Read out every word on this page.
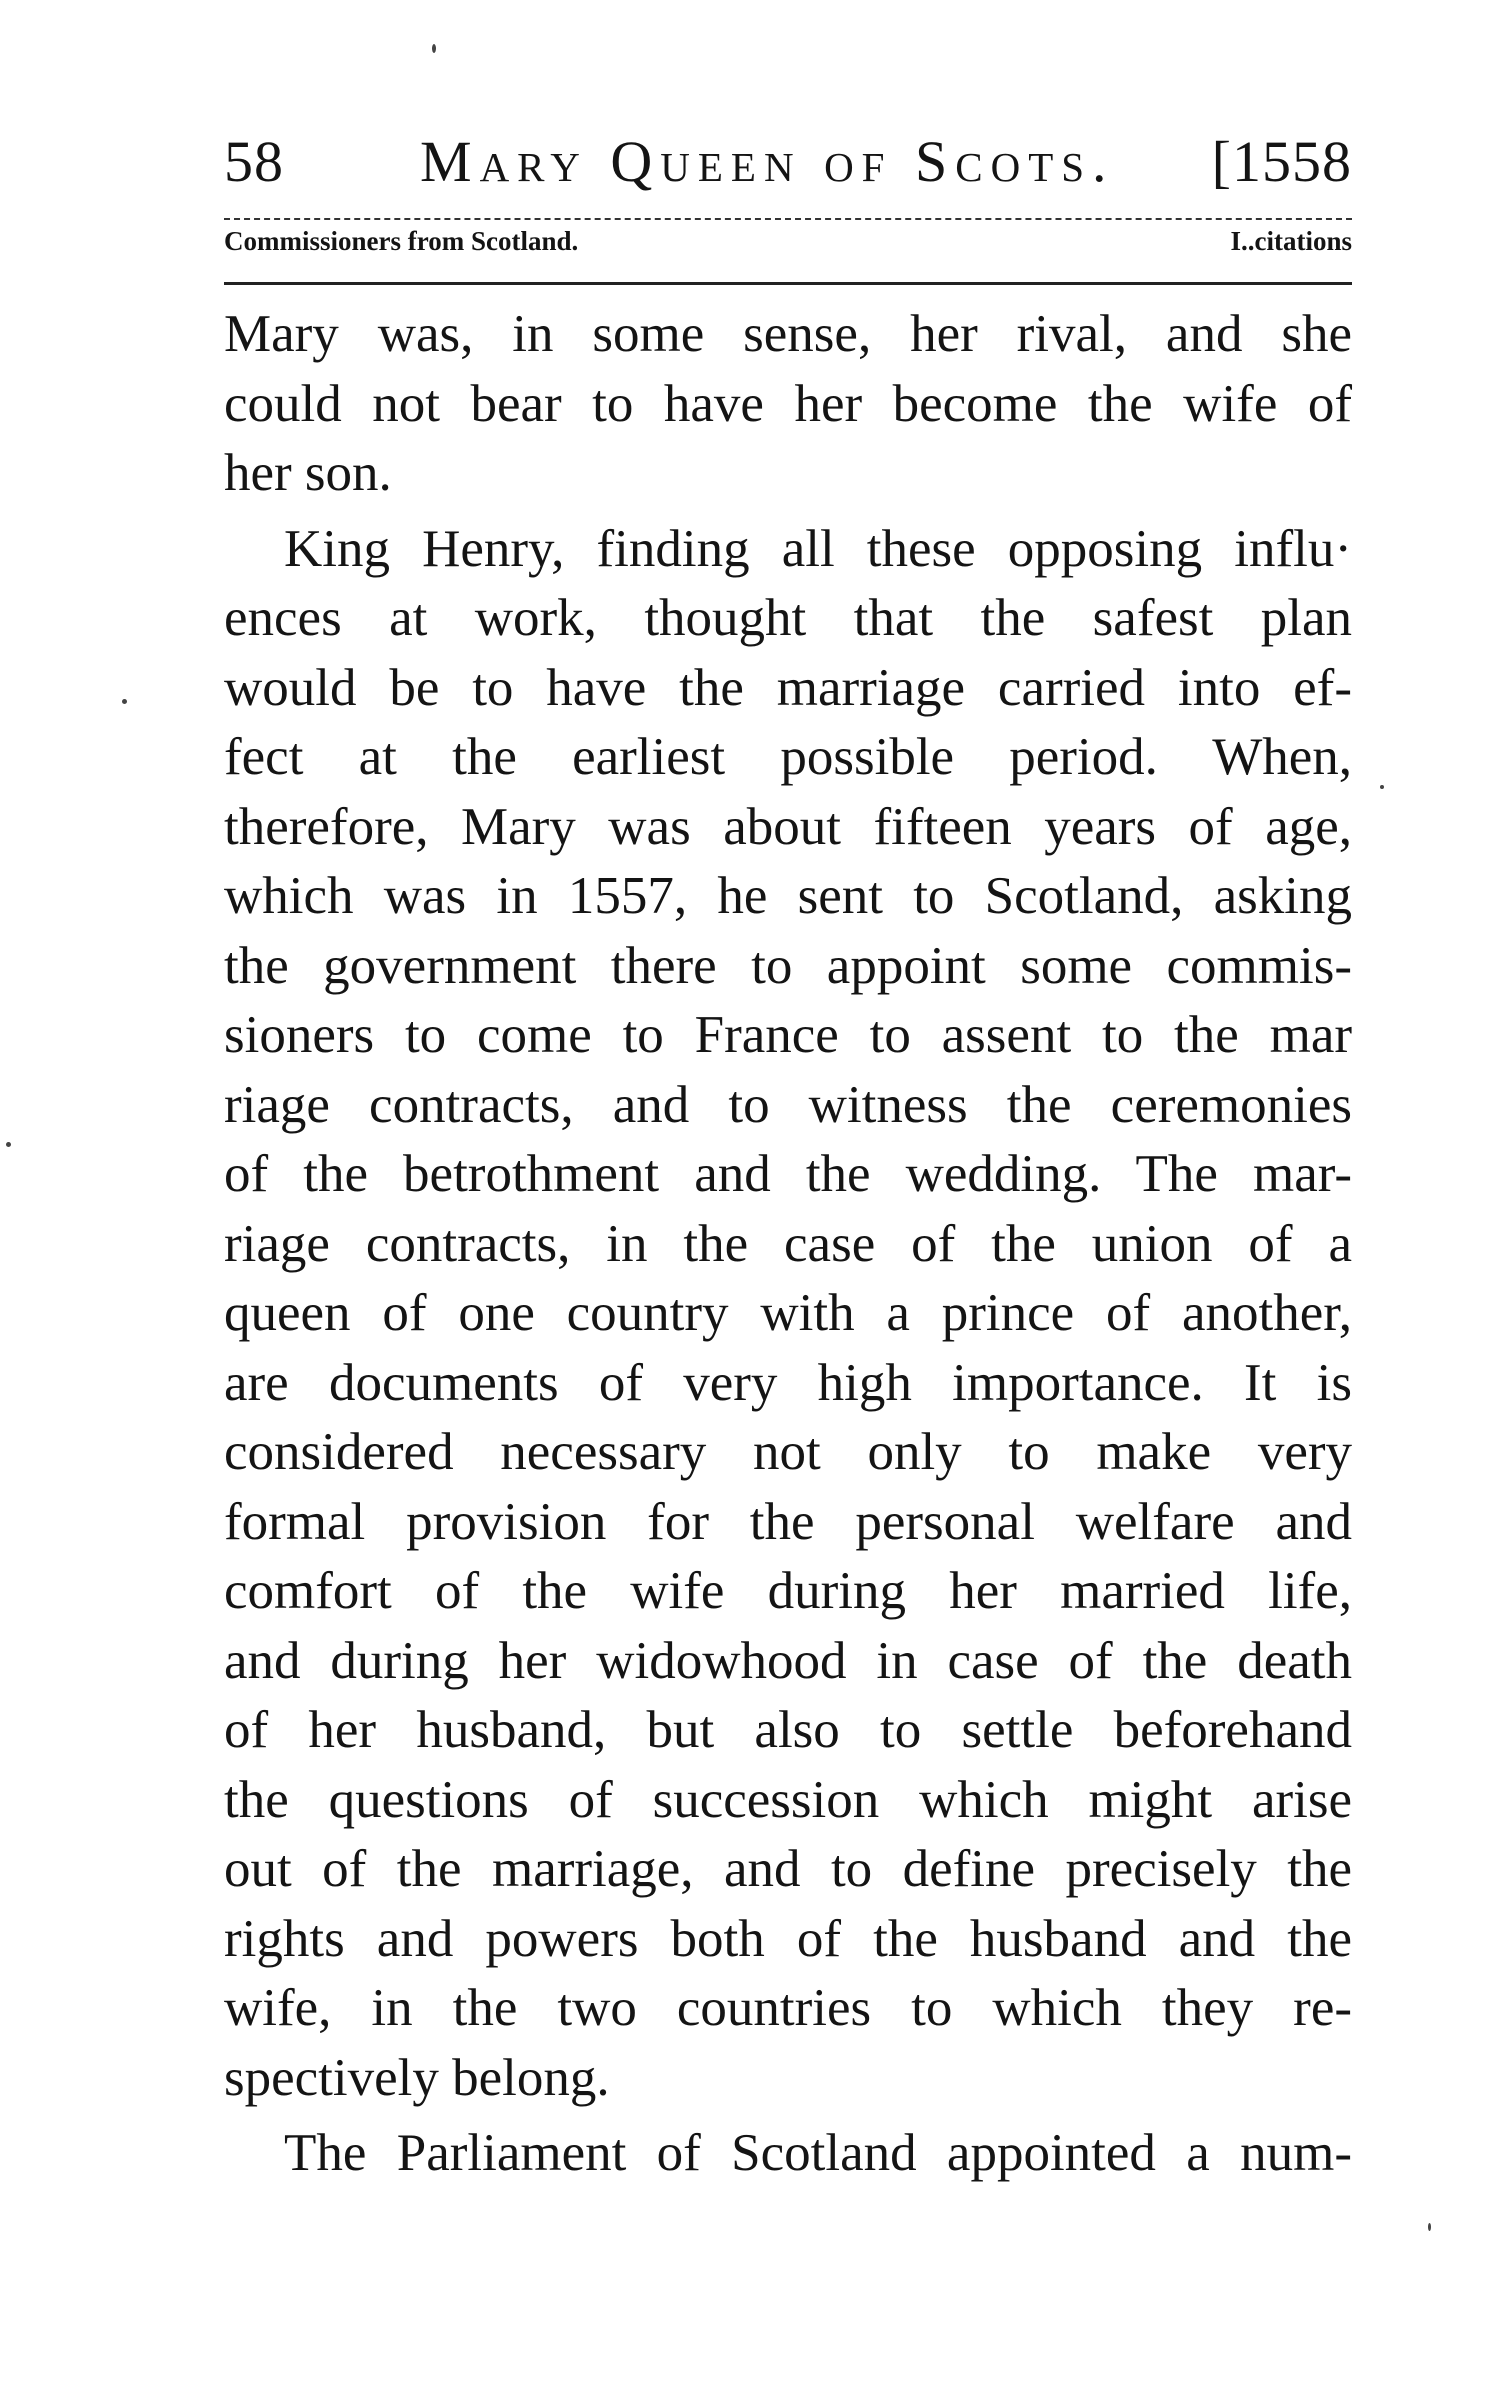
58 Mary Queen of Scots. [1558
Commissioners from Scotland.	I..citations
Mary was, in some sense, her rival, and she
could not bear to have her become the wife of
her son.
King Henry, finding all these opposing influ·
ences at work, thought that the safest plan
would be to have the marriage carried into ef-
fect at the earliest possible period. When,
therefore, Mary was about fifteen years of age,
which was in 1557, he sent to Scotland, asking
the government there to appoint some commis-
sioners to come to France to assent to the mar
riage contracts, and to witness the ceremonies
of the betrothment and the wedding. The mar-
riage contracts, in the case of the union of a
queen of one country with a prince of another,
are documents of very high importance. It is
considered necessary not only to make very
formal provision for the personal welfare and
comfort of the wife during her married life,
and during her widowhood in case of the death
of her husband, but also to settle beforehand
the questions of succession which might arise
out of the marriage, and to define precisely the
rights and powers both of the husband and the
wife, in the two countries to which they re-
spectively belong.
The Parliament of Scotland appointed a num-
